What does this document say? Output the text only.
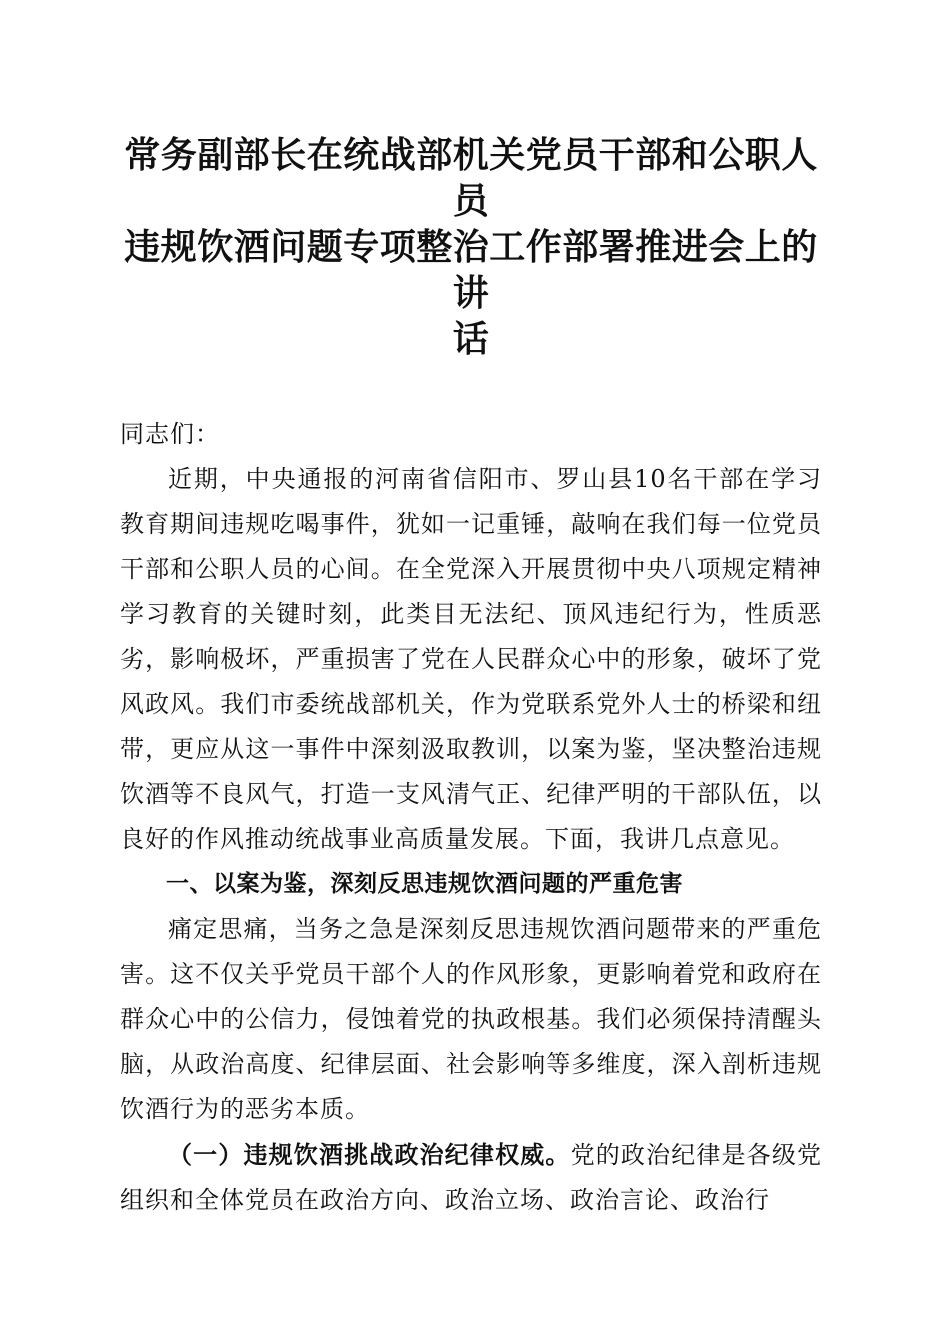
常务副部长在统战部机关党员干部和公职人员
违规饮酒问题专项整治工作部署推进会上的讲
话

同志们：

近期，中央通报的河南省信阳市、罗山县10名干部在学习教育期间违规吃喝事件，犹如一记重锤，敲响在我们每一位党员干部和公职人员的心间。在全党深入开展贯彻中央八项规定精神学习教育的关键时刻，此类目无法纪、顶风违纪行为，性质恶劣，影响极坏，严重损害了党在人民群众心中的形象，破坏了党风政风。我们市委统战部机关，作为党联系党外人士的桥梁和纽带，更应从这一事件中深刻汲取教训，以案为鉴，坚决整治违规饮酒等不良风气，打造一支风清气正、纪律严明的干部队伍，以良好的作风推动统战事业高质量发展。下面，我讲几点意见。

一、以案为鉴，深刻反思违规饮酒问题的严重危害

痛定思痛，当务之急是深刻反思违规饮酒问题带来的严重危害。这不仅关乎党员干部个人的作风形象，更影响着党和政府在群众心中的公信力，侵蚀着党的执政根基。我们必须保持清醒头脑，从政治高度、纪律层面、社会影响等多维度，深入剖析违规饮酒行为的恶劣本质。

（一）违规饮酒挑战政治纪律权威。党的政治纪律是各级党组织和全体党员在政治方向、政治立场、政治言论、政治行
